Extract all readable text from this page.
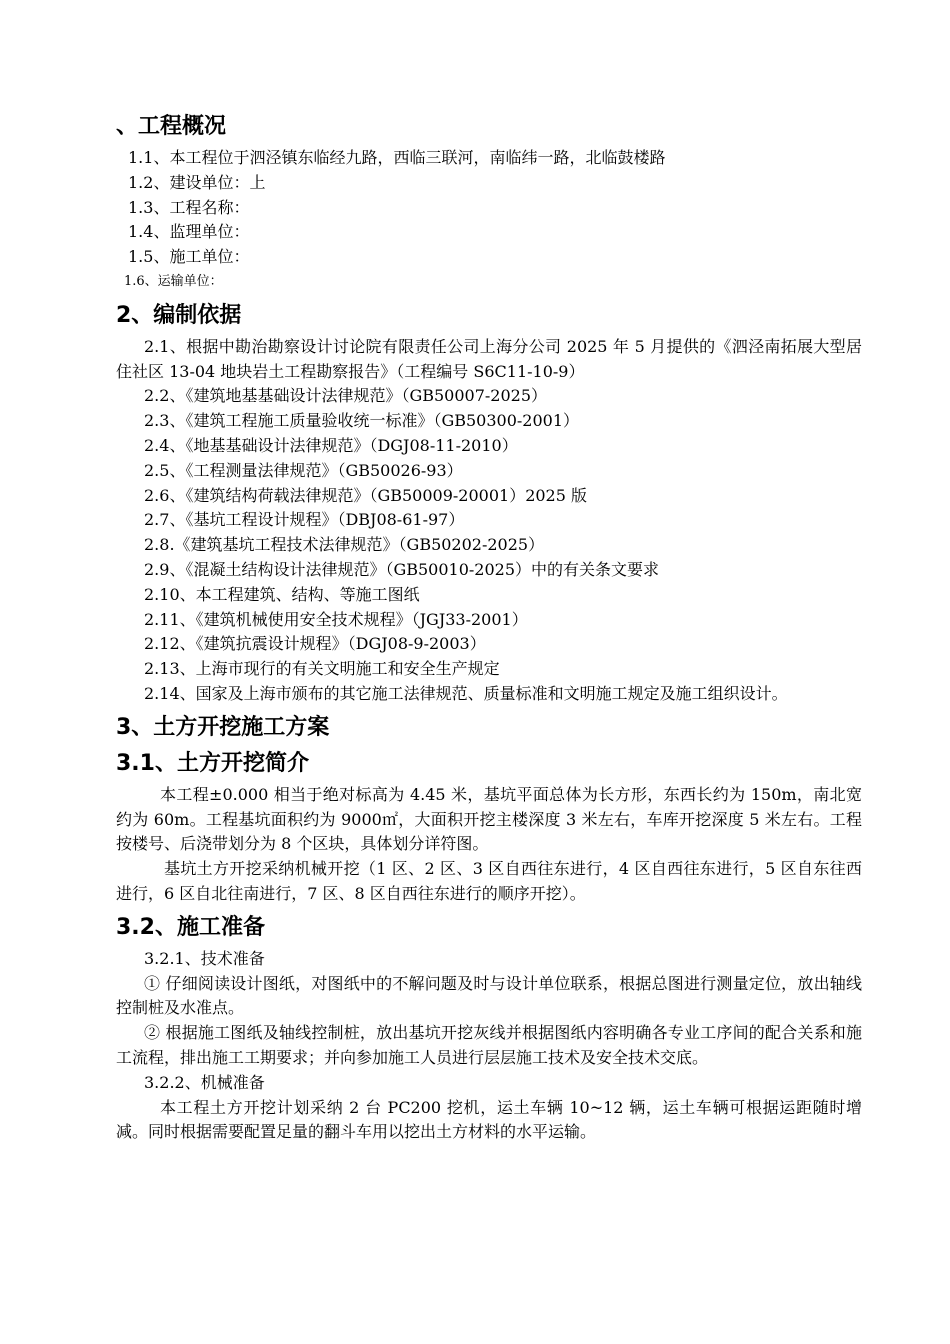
、工程概况
1.1、本工程位于泗泾镇东临经九路，西临三联河，南临纬一路，北临鼓楼路
1.2、建设单位：上
1.3、工程名称：
1.4、监理单位：
1.5、施工单位：
1.6、运输单位：
2、编制依据
2.1、根据中勘治勘察设计讨论院有限责任公司上海分公司 2025 年 5 月提供的《泗泾南拓展大型居住社区 13-04 地块岩土工程勘察报告》（工程编号 S6C11-10-9）
2.2、《建筑地基基础设计法律规范》（GB50007-2025）
2.3、《建筑工程施工质量验收统一标准》（GB50300-2001）
2.4、《地基基础设计法律规范》（DGJ08-11-2010）
2.5、《工程测量法律规范》（GB50026-93）
2.6、《建筑结构荷载法律规范》（GB50009-20001）2025 版
2.7、《基坑工程设计规程》（DBJ08-61-97）
2.8.《建筑基坑工程技术法律规范》（GB50202-2025）
2.9、《混凝土结构设计法律规范》（GB50010-2025）中的有关条文要求
2.10、本工程建筑、结构、等施工图纸
2.11、《建筑机械使用安全技术规程》（JGJ33-2001）
2.12、《建筑抗震设计规程》（DGJ08-9-2003）
2.13、上海市现行的有关文明施工和安全生产规定
2.14、国家及上海市颁布的其它施工法律规范、质量标准和文明施工规定及施工组织设计。
3、土方开挖施工方案
3.1、土方开挖简介
本工程±0.000 相当于绝对标高为 4.45 米，基坑平面总体为长方形，东西长约为 150m，南北宽约为 60m。工程基坑面积约为 9000㎡，大面积开挖主楼深度 3 米左右，车库开挖深度 5 米左右。工程按楼号、后浇带划分为 8 个区块，具体划分详符图。
基坑土方开挖采纳机械开挖（1 区、2 区、3 区自西往东进行，4 区自西往东进行，5 区自东往西进行，6 区自北往南进行，7 区、8 区自西往东进行的顺序开挖）。
3.2、施工准备
3.2.1、技术准备
① 仔细阅读设计图纸，对图纸中的不解问题及时与设计单位联系，根据总图进行测量定位，放出轴线控制桩及水准点。
② 根据施工图纸及轴线控制桩，放出基坑开挖灰线并根据图纸内容明确各专业工序间的配合关系和施工流程，排出施工工期要求；并向参加施工人员进行层层施工技术及安全技术交底。
3.2.2、机械准备
本工程土方开挖计划采纳 2 台 PC200 挖机，运土车辆 10~12 辆，运土车辆可根据运距随时增减。同时根据需要配置足量的翻斗车用以挖出土方材料的水平运输。
